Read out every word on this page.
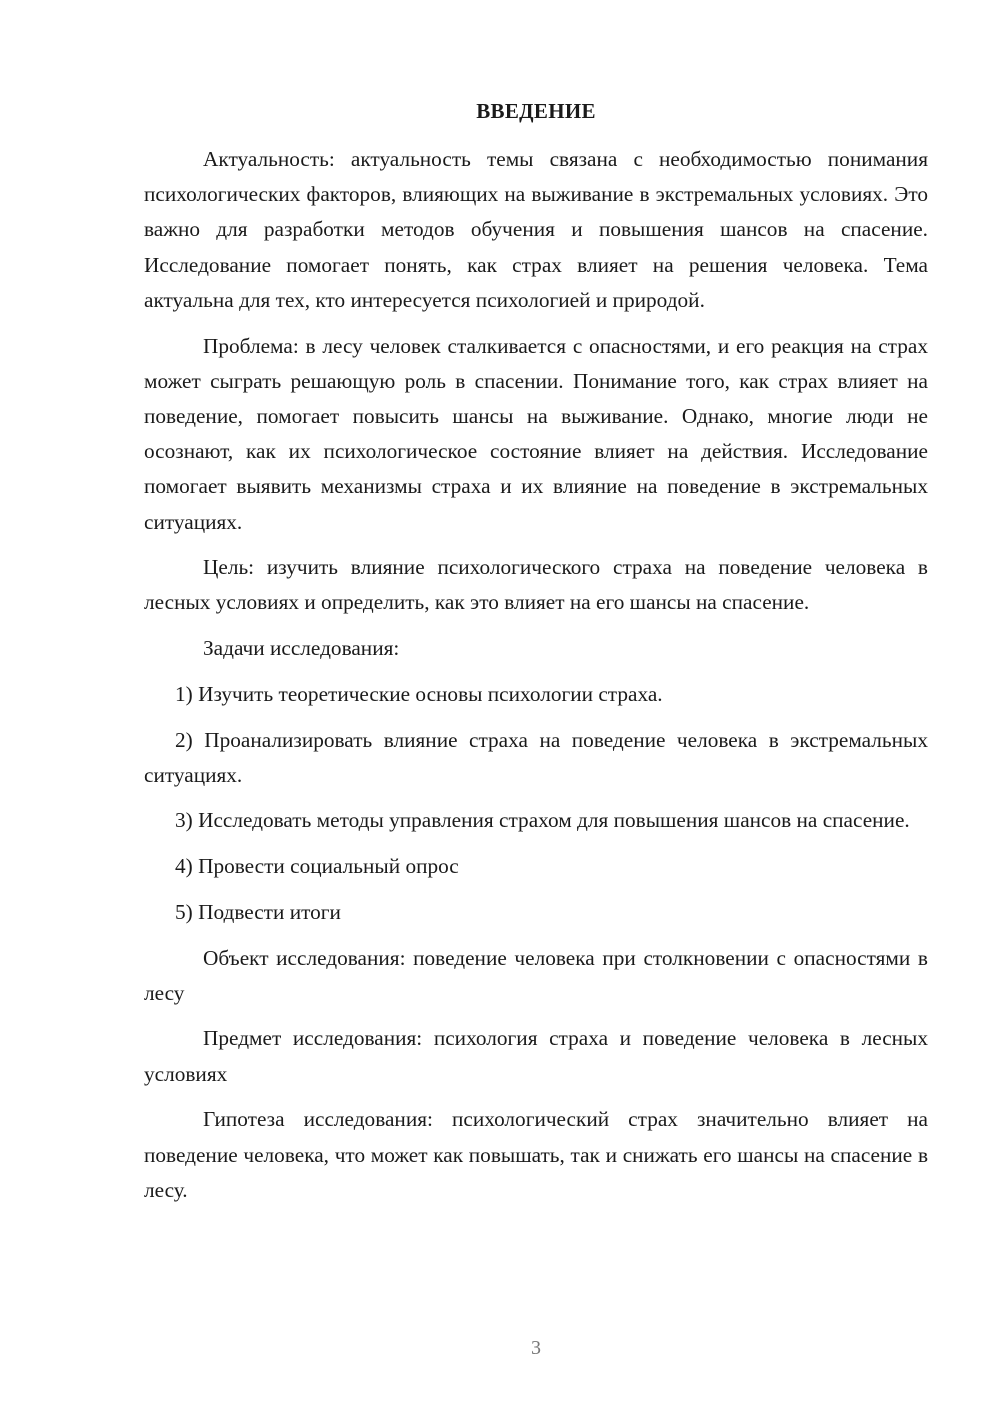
ВВЕДЕНИЕ

Актуальность: актуальность темы связана с необходимостью понимания психологических факторов, влияющих на выживание в экстремальных условиях. Это важно для разработки методов обучения и повышения шансов на спасение. Исследование помогает понять, как страх влияет на решения человека. Тема актуальна для тех, кто интересуется психологией и природой.

Проблема: в лесу человек сталкивается с опасностями, и его реакция на страх может сыграть решающую роль в спасении. Понимание того, как страх влияет на поведение, помогает повысить шансы на выживание. Однако, многие люди не осознают, как их психологическое состояние влияет на действия. Исследование помогает выявить механизмы страха и их влияние на поведение в экстремальных ситуациях.

Цель: изучить влияние психологического страха на поведение человека в лесных условиях и определить, как это влияет на его шансы на спасение.

Задачи исследования:

1) Изучить теоретические основы психологии страха.

2) Проанализировать влияние страха на поведение человека в экстремальных ситуациях.

3) Исследовать методы управления страхом для повышения шансов на спасение.

4) Провести социальный опрос

5) Подвести итоги

Объект исследования: поведение человека при столкновении с опасностями в лесу

Предмет исследования: психология страха и поведение человека в лесных условиях

Гипотеза исследования: психологический страх значительно влияет на поведение человека, что может как повышать, так и снижать его шансы на спасение в лесу.

3
